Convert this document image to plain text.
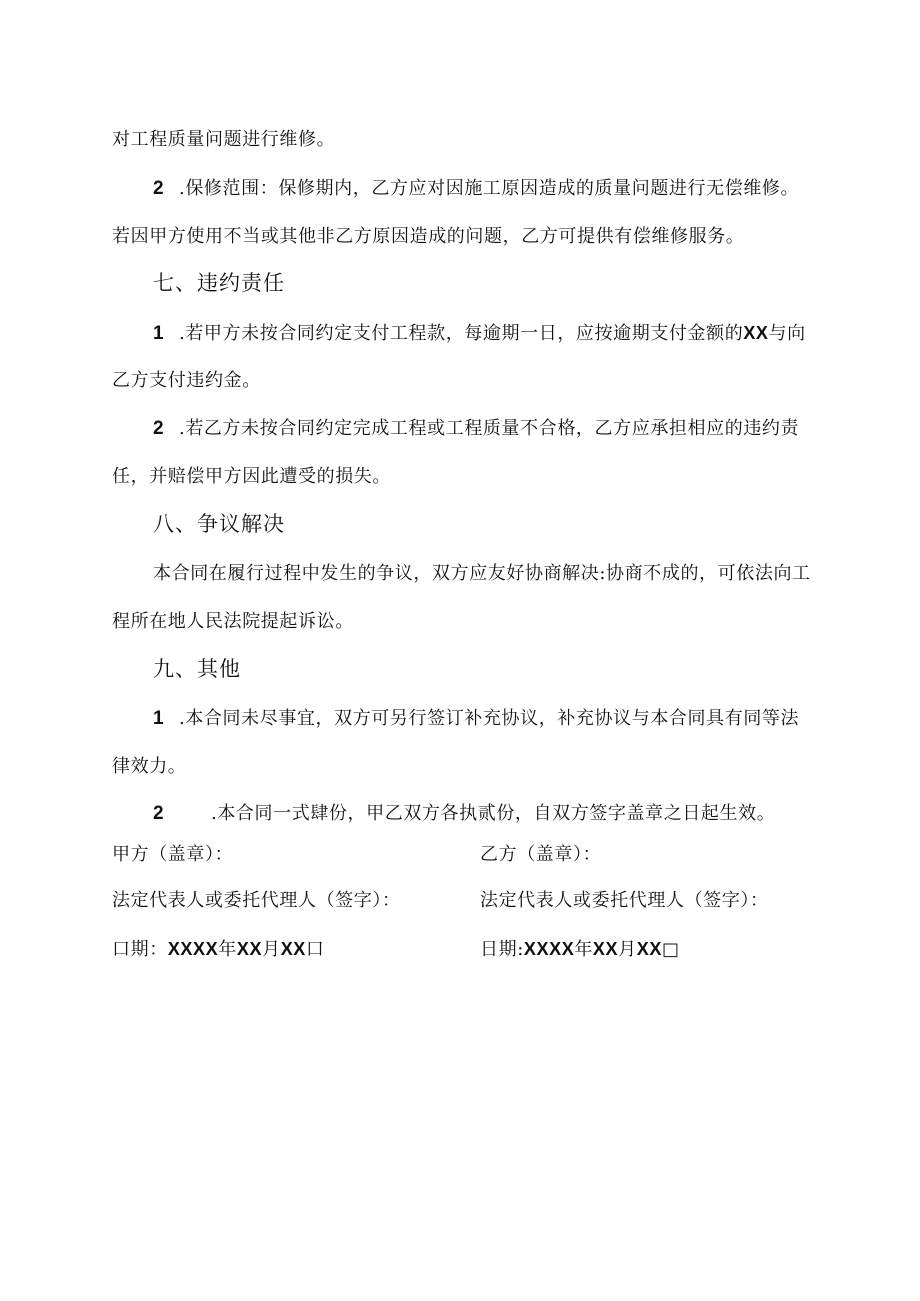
对工程质量问题进行维修。
2 .保修范围：保修期内，乙方应对因施工原因造成的质量问题进行无偿维修。
若因甲方使用不当或其他非乙方原因造成的问题，乙方可提供有偿维修服务。
七、违约责任
1 .若甲方未按合同约定支付工程款，每逾期一日，应按逾期支付金额的XX与向
乙方支付违约金。
2 .若乙方未按合同约定完成工程或工程质量不合格，乙方应承担相应的违约责
任，并赔偿甲方因此遭受的损失。
八、争议解决
本合同在履行过程中发生的争议，双方应友好协商解决:协商不成的，可依法向工
程所在地人民法院提起诉讼。
九、其他
1 .本合同未尽事宜，双方可另行签订补充协议，补充协议与本合同具有同等法
律效力。
2	.本合同一式肆份，甲乙双方各执贰份，自双方签字盖章之日起生效。
甲方（盖章）：	乙方（盖章）：
法定代表人或委托代理人（签字）：	法定代表人或委托代理人（签字）：
口期：XXXX年XX月XX口	日期:XXXX年XX月XX□
